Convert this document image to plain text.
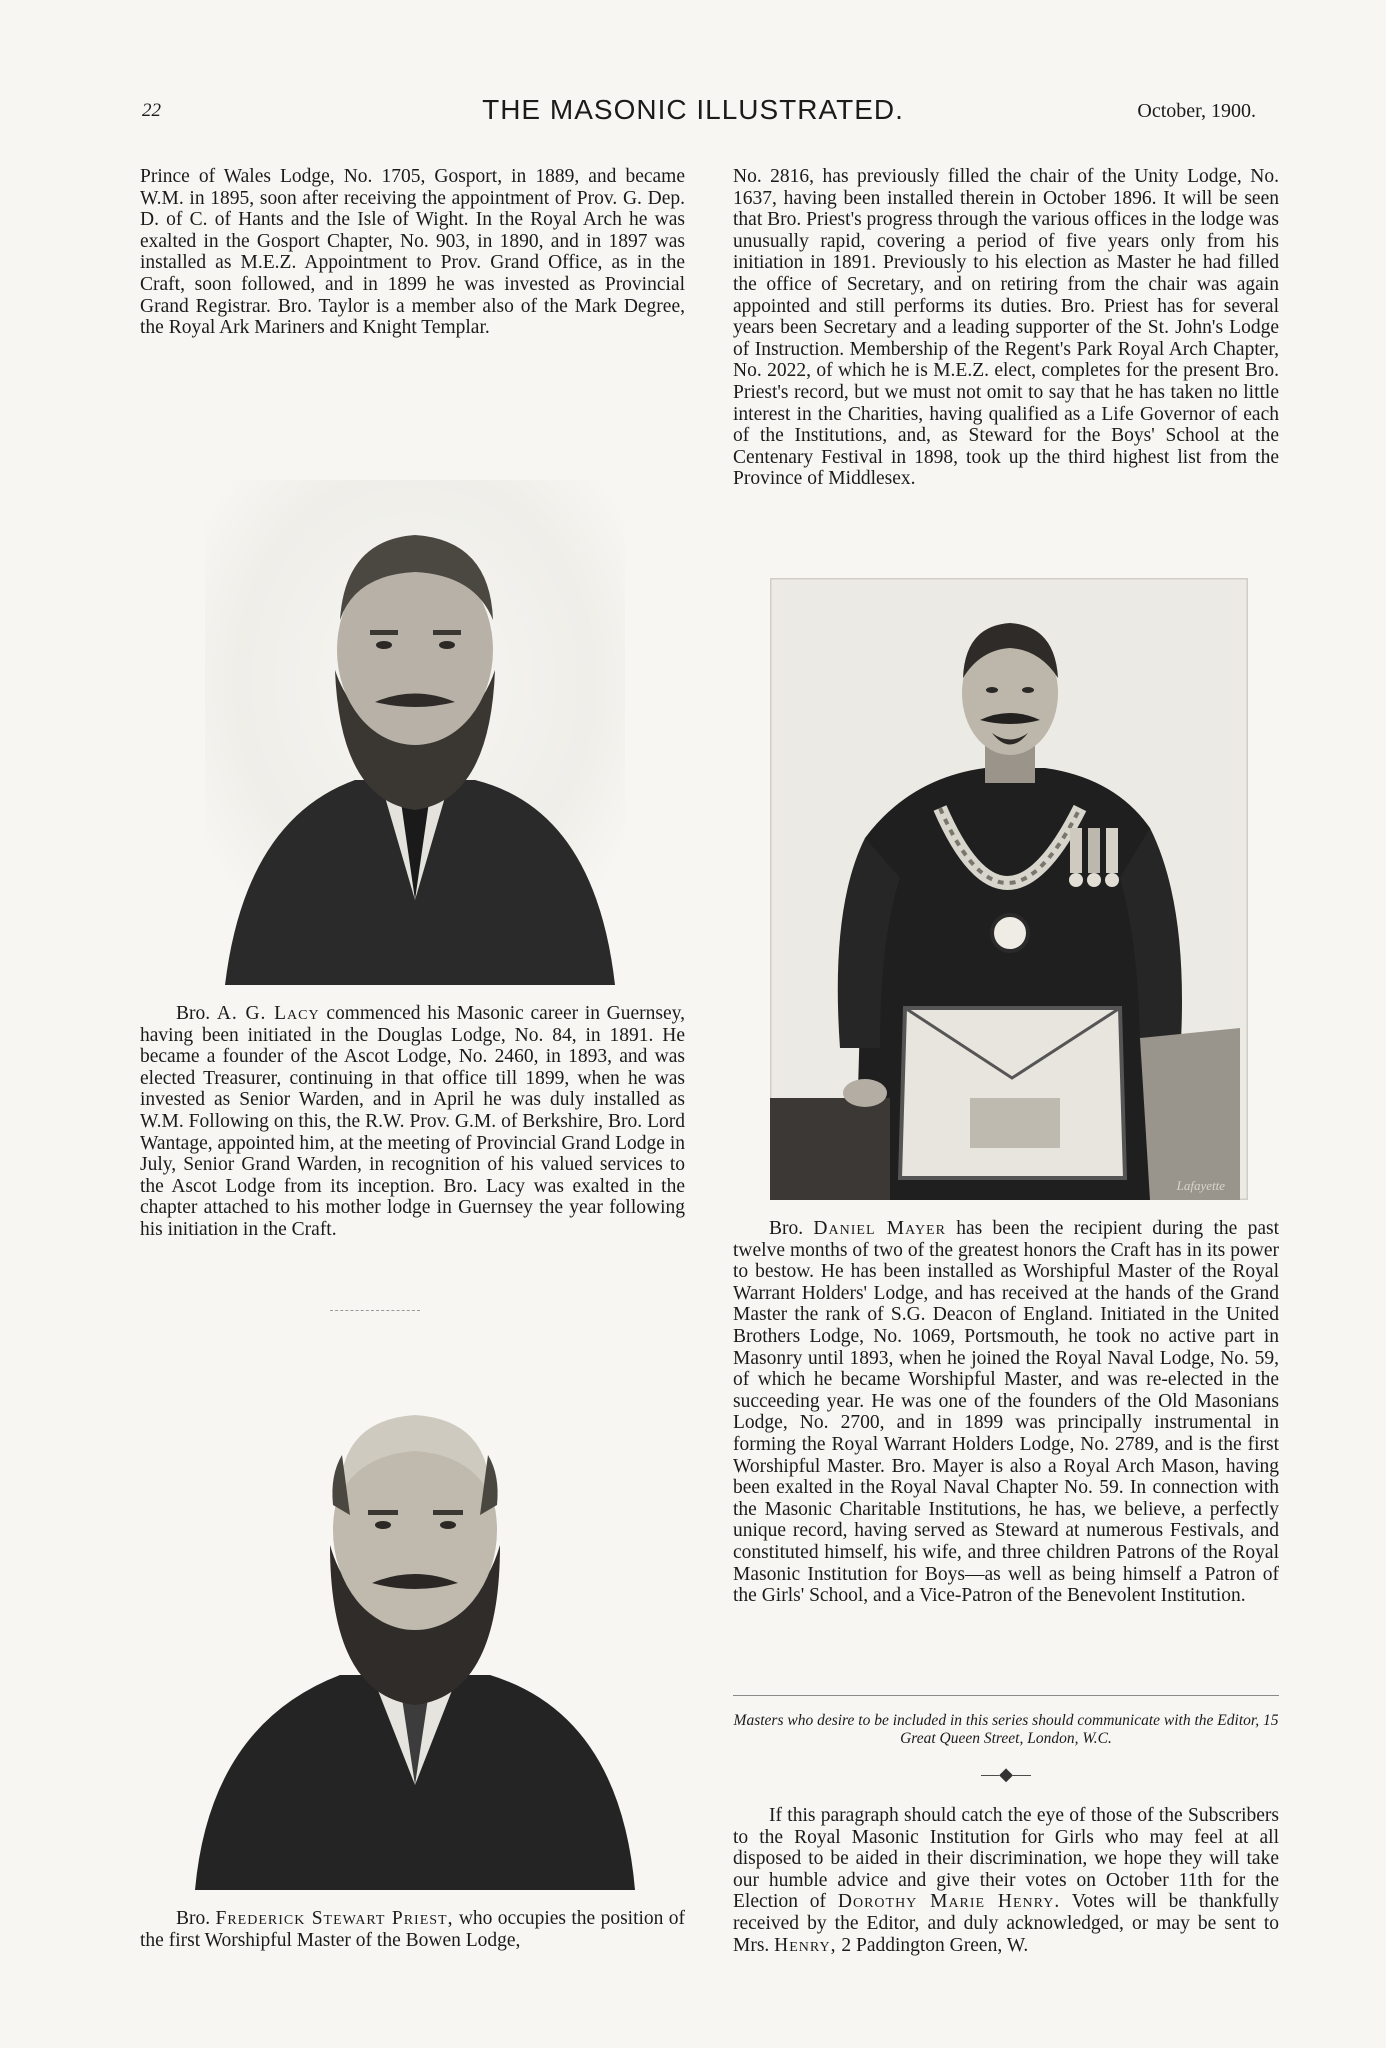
22	THE MASONIC ILLUSTRATED.	October, 1900.

Prince of Wales Lodge, No. 1705, Gosport, in 1889, and became W.M. in 1895, soon after receiving the appointment of Prov. G. Dep. D. of C. of Hants and the Isle of Wight. In the Royal Arch he was exalted in the Gosport Chapter, No. 903, in 1890, and in 1897 was installed as M.E.Z. Appointment to Prov. Grand Office, as in the Craft, soon followed, and in 1899 he was invested as Provincial Grand Registrar. Bro. Taylor is a member also of the Mark Degree, the Royal Ark Mariners and Knight Templar.

Bro. A. G. Lacy commenced his Masonic career in Guernsey, having been initiated in the Douglas Lodge, No. 84, in 1891. He became a founder of the Ascot Lodge, No. 2460, in 1893, and was elected Treasurer, continuing in that office till 1899, when he was invested as Senior Warden, and in April he was duly installed as W.M. Following on this, the R.W. Prov. G.M. of Berkshire, Bro. Lord Wantage, appointed him, at the meeting of Provincial Grand Lodge in July, Senior Grand Warden, in recognition of his valued services to the Ascot Lodge from its inception. Bro. Lacy was exalted in the chapter attached to his mother lodge in Guernsey the year following his initiation in the Craft.

Bro. Frederick Stewart Priest, who occupies the position of the first Worshipful Master of the Bowen Lodge,

No. 2816, has previously filled the chair of the Unity Lodge, No. 1637, having been installed therein in October 1896. It will be seen that Bro. Priest's progress through the various offices in the lodge was unusually rapid, covering a period of five years only from his initiation in 1891. Previously to his election as Master he had filled the office of Secretary, and on retiring from the chair was again appointed and still performs its duties. Bro. Priest has for several years been Secretary and a leading supporter of the St. John's Lodge of Instruction. Membership of the Regent's Park Royal Arch Chapter, No. 2022, of which he is M.E.Z. elect, completes for the present Bro. Priest's record, but we must not omit to say that he has taken no little interest in the Charities, having qualified as a Life Governor of each of the Institutions, and, as Steward for the Boys' School at the Centenary Festival in 1898, took up the third highest list from the Province of Middlesex.

Lafayette

Bro. Daniel Mayer has been the recipient during the past twelve months of two of the greatest honors the Craft has in its power to bestow. He has been installed as Worshipful Master of the Royal Warrant Holders' Lodge, and has received at the hands of the Grand Master the rank of S.G. Deacon of England. Initiated in the United Brothers Lodge, No. 1069, Portsmouth, he took no active part in Masonry until 1893, when he joined the Royal Naval Lodge, No. 59, of which he became Worshipful Master, and was re-elected in the succeeding year. He was one of the founders of the Old Masonians Lodge, No. 2700, and in 1899 was principally instrumental in forming the Royal Warrant Holders Lodge, No. 2789, and is the first Worshipful Master. Bro. Mayer is also a Royal Arch Mason, having been exalted in the Royal Naval Chapter No. 59. In connection with the Masonic Charitable Institutions, he has, we believe, a perfectly unique record, having served as Steward at numerous Festivals, and constituted himself, his wife, and three children Patrons of the Royal Masonic Institution for Boys—as well as being himself a Patron of the Girls' School, and a Vice-Patron of the Benevolent Institution.

Masters who desire to be included in this series should communicate with the Editor, 15 Great Queen Street, London, W.C.
—◆—

If this paragraph should catch the eye of those of the Subscribers to the Royal Masonic Institution for Girls who may feel at all disposed to be aided in their discrimination, we hope they will take our humble advice and give their votes on October 11th for the Election of Dorothy Marie Henry. Votes will be thankfully received by the Editor, and duly acknowledged, or may be sent to Mrs. Henry, 2 Paddington Green, W.
